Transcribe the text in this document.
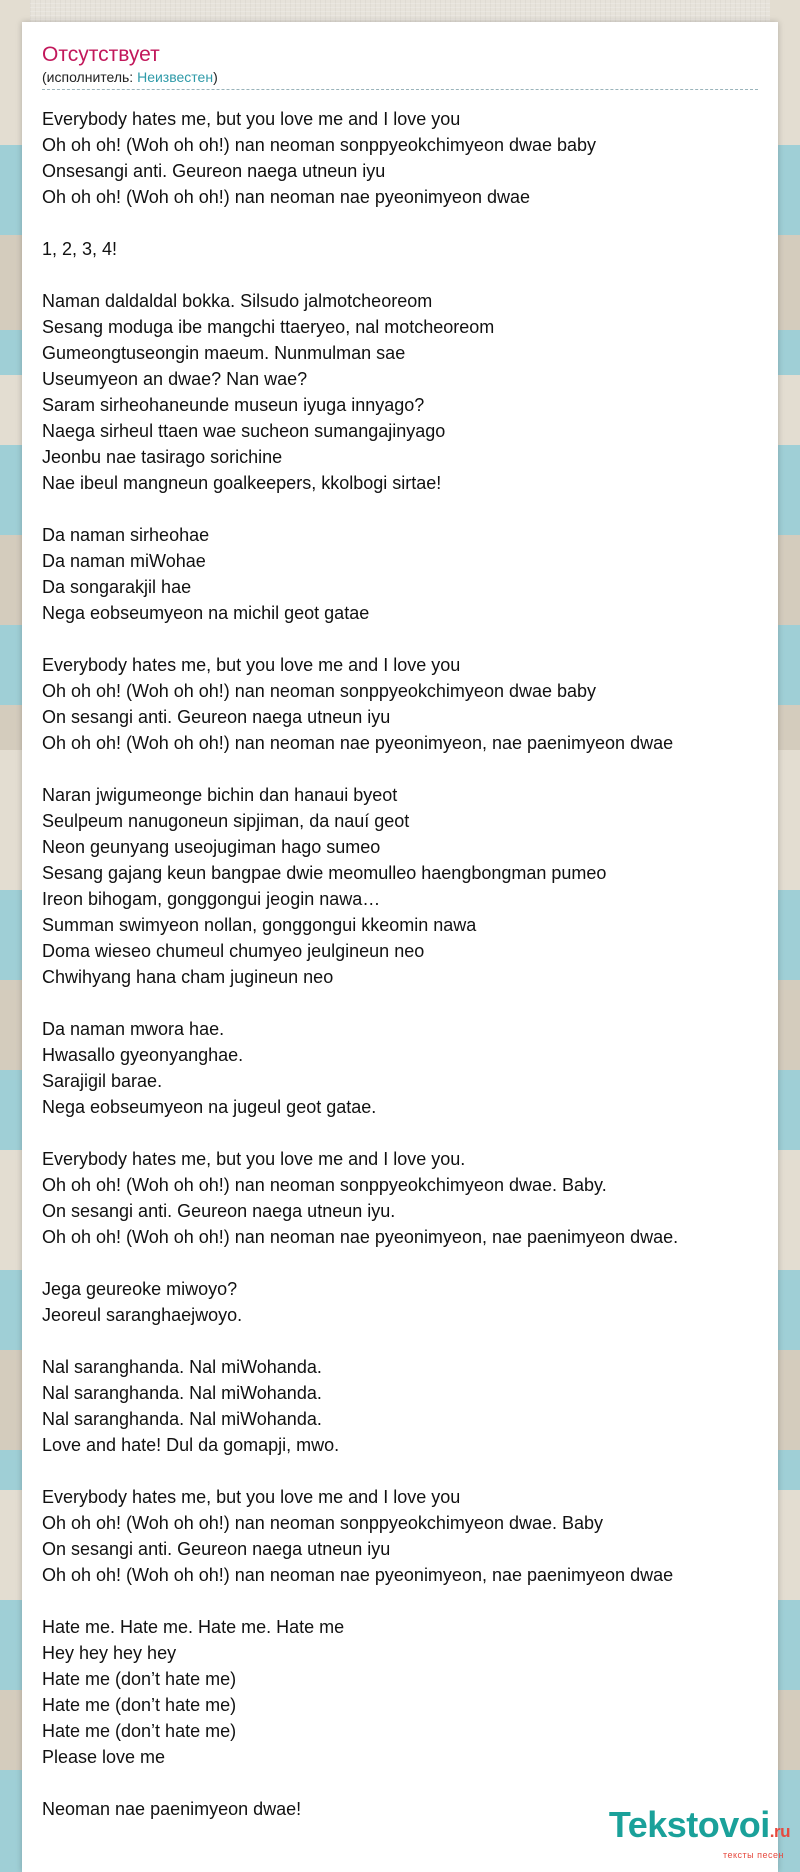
Отсутствует
(исполнитель: Неизвестен)
Everybody hates me, but you love me and I love you
Oh oh oh! (Woh oh oh!) nan neoman sonppyeokchimyeon dwae baby
Onsesangi anti. Geureon naega utneun iyu
Oh oh oh! (Woh oh oh!) nan neoman nae pyeonimyeon dwae
1, 2, 3, 4!
Naman daldaldal bokka. Silsudo jalmotcheoreom
Sesang moduga ibe mangchi ttaeryeo, nal motcheoreom
Gumeongtuseongin maeum. Nunmulman sae
Useumyeon an dwae? Nan wae?
Saram sirheohaneunde museun iyuga innyago?
Naega sirheul ttaen wae sucheon sumangajinyago
Jeonbu nae tasirago sorichine
Nae ibeul mangneun goalkeepers, kkolbogi sirtae!
Da naman sirheohae
Da naman miWohae
Da songarakjil hae
Nega eobseumyeon na michil geot gatae
Everybody hates me, but you love me and I love you
Oh oh oh! (Woh oh oh!) nan neoman sonppyeokchimyeon dwae baby
On sesangi anti. Geureon naega utneun iyu
Oh oh oh! (Woh oh oh!) nan neoman nae pyeonimyeon, nae paenimyeon dwae
Naran jwigumeonge bichin dan hanaui byeot
Seulpeum nanugoneun sipjiman, da nauí geot
Neon geunyang useojugiman hago sumeo
Sesang gajang keun bangpae dwie meomulleo haengbongman pumeo
Ireon bihogam, gonggongui jeogin nawa…
Summan swimyeon nollan, gonggongui kkeomin nawa
Doma wieseo chumeul chumyeo jeulgineun neo
Chwihyang hana cham jugineun neo
Da naman mwora hae.
Hwasallo gyeonyanghae.
Sarajigil barae.
Nega eobseumyeon na jugeul geot gatae.
Everybody hates me, but you love me and I love you.
Oh oh oh! (Woh oh oh!) nan neoman sonppyeokchimyeon dwae. Baby.
On sesangi anti. Geureon naega utneun iyu.
Oh oh oh! (Woh oh oh!) nan neoman nae pyeonimyeon, nae paenimyeon dwae.
Jega geureoke miwoyo?
Jeoreul saranghaejwoyo.
Nal saranghanda. Nal miWohanda.
Nal saranghanda. Nal miWohanda.
Nal saranghanda. Nal miWohanda.
Love and hate! Dul da gomapji, mwo.
Everybody hates me, but you love me and I love you
Oh oh oh! (Woh oh oh!) nan neoman sonppyeokchimyeon dwae. Baby
On sesangi anti. Geureon naega utneun iyu
Oh oh oh! (Woh oh oh!) nan neoman nae pyeonimyeon, nae paenimyeon dwae
Hate me. Hate me. Hate me. Hate me
Hey hey hey hey
Hate me (don’t hate me)
Hate me (don’t hate me)
Hate me (don’t hate me)
Please love me
Neoman nae paenimyeon dwae!	Tekstovoi.ru
тексты песен
